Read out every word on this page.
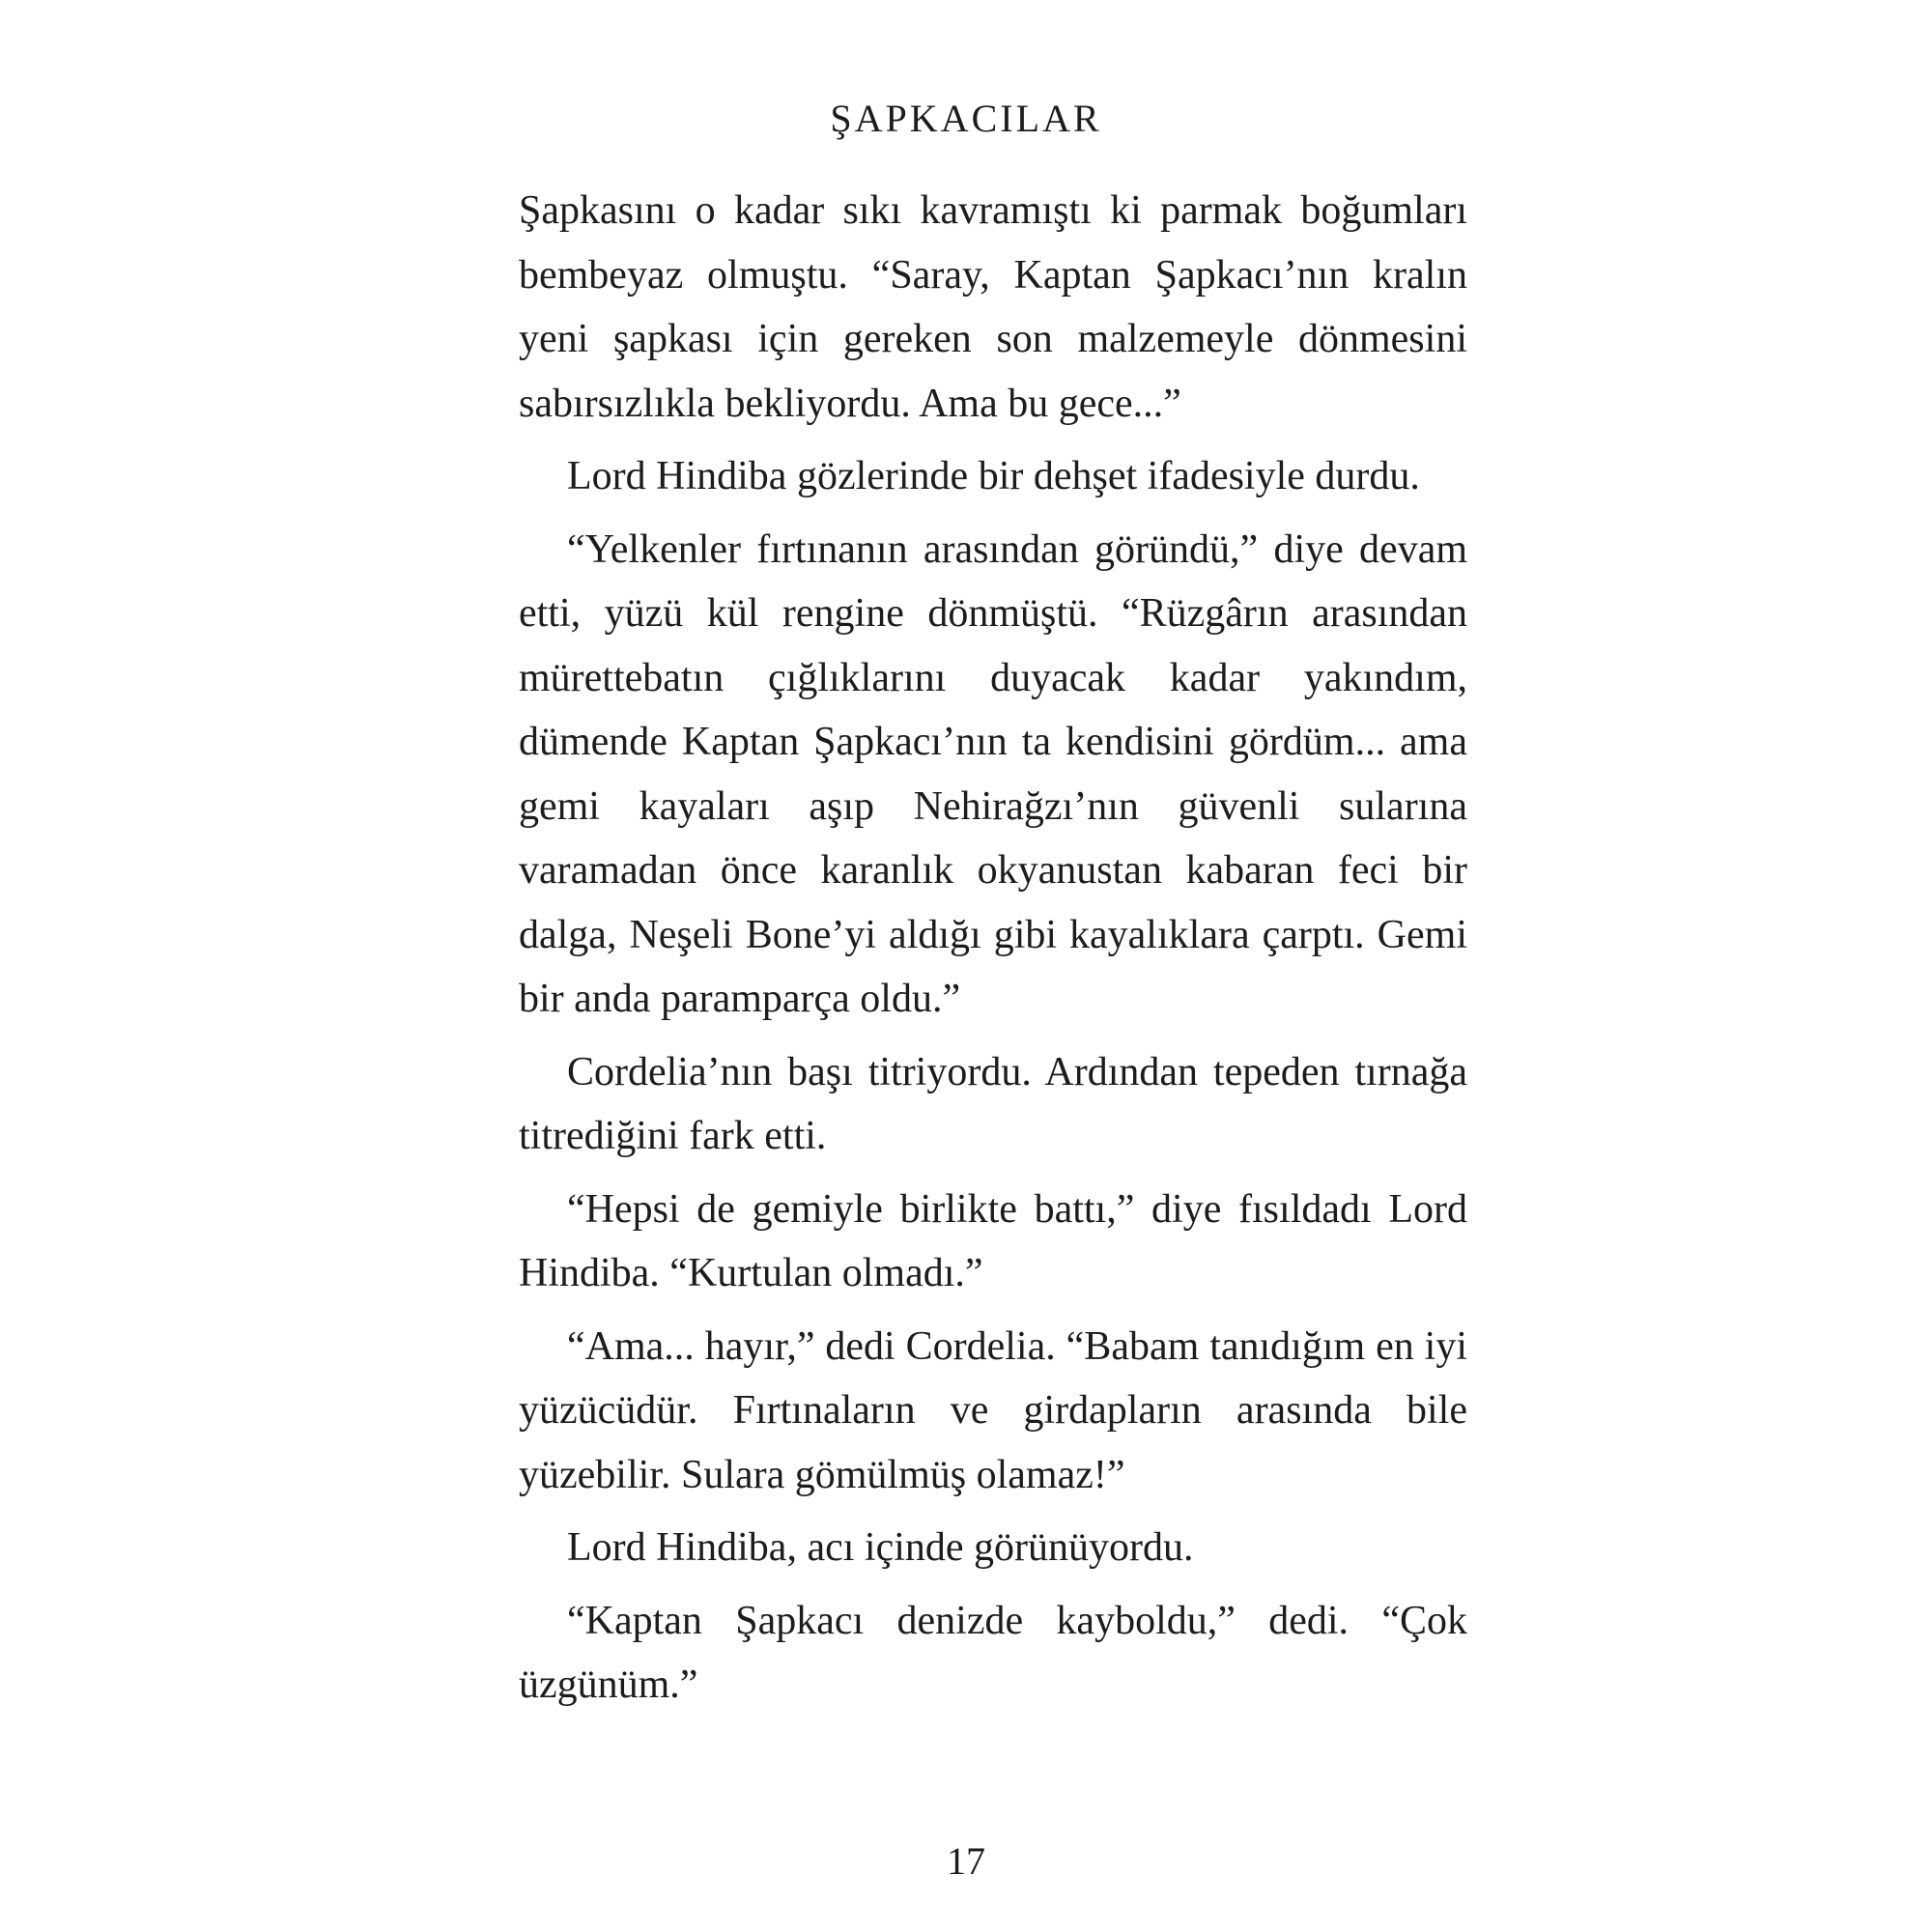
ŞAPKACILAR

Şapkasını o kadar sıkı kavramıştı ki parmak boğumları bembeyaz olmuştu. “Saray, Kaptan Şapkacı’nın kralın yeni şapkası için gereken son malzemeyle dönmesini sabırsızlıkla bekliyordu. Ama bu gece...”

Lord Hindiba gözlerinde bir dehşet ifadesiyle durdu.

“Yelkenler fırtınanın arasından göründü,” diye devam etti, yüzü kül rengine dönmüştü. “Rüzgârın arasından mürettebatın çığlıklarını duyacak kadar yakındım, dümende Kaptan Şapkacı’nın ta kendisini gördüm... ama gemi kayaları aşıp Nehirağzı’nın güvenli sularına varamadan önce karanlık okyanustan kabaran feci bir dalga, Neşeli Bone’yi aldığı gibi kayalıklara çarptı. Gemi bir anda paramparça oldu.”

Cordelia’nın başı titriyordu. Ardından tepeden tırnağa titrediğini fark etti.

“Hepsi de gemiyle birlikte battı,” diye fısıldadı Lord Hindiba. “Kurtulan olmadı.”

“Ama... hayır,” dedi Cordelia. “Babam tanıdığım en iyi yüzücüdür. Fırtınaların ve girdapların arasında bile yüzebilir. Sulara gömülmüş olamaz!”

Lord Hindiba, acı içinde görünüyordu.

“Kaptan Şapkacı denizde kayboldu,” dedi. “Çok üzgünüm.”

17
